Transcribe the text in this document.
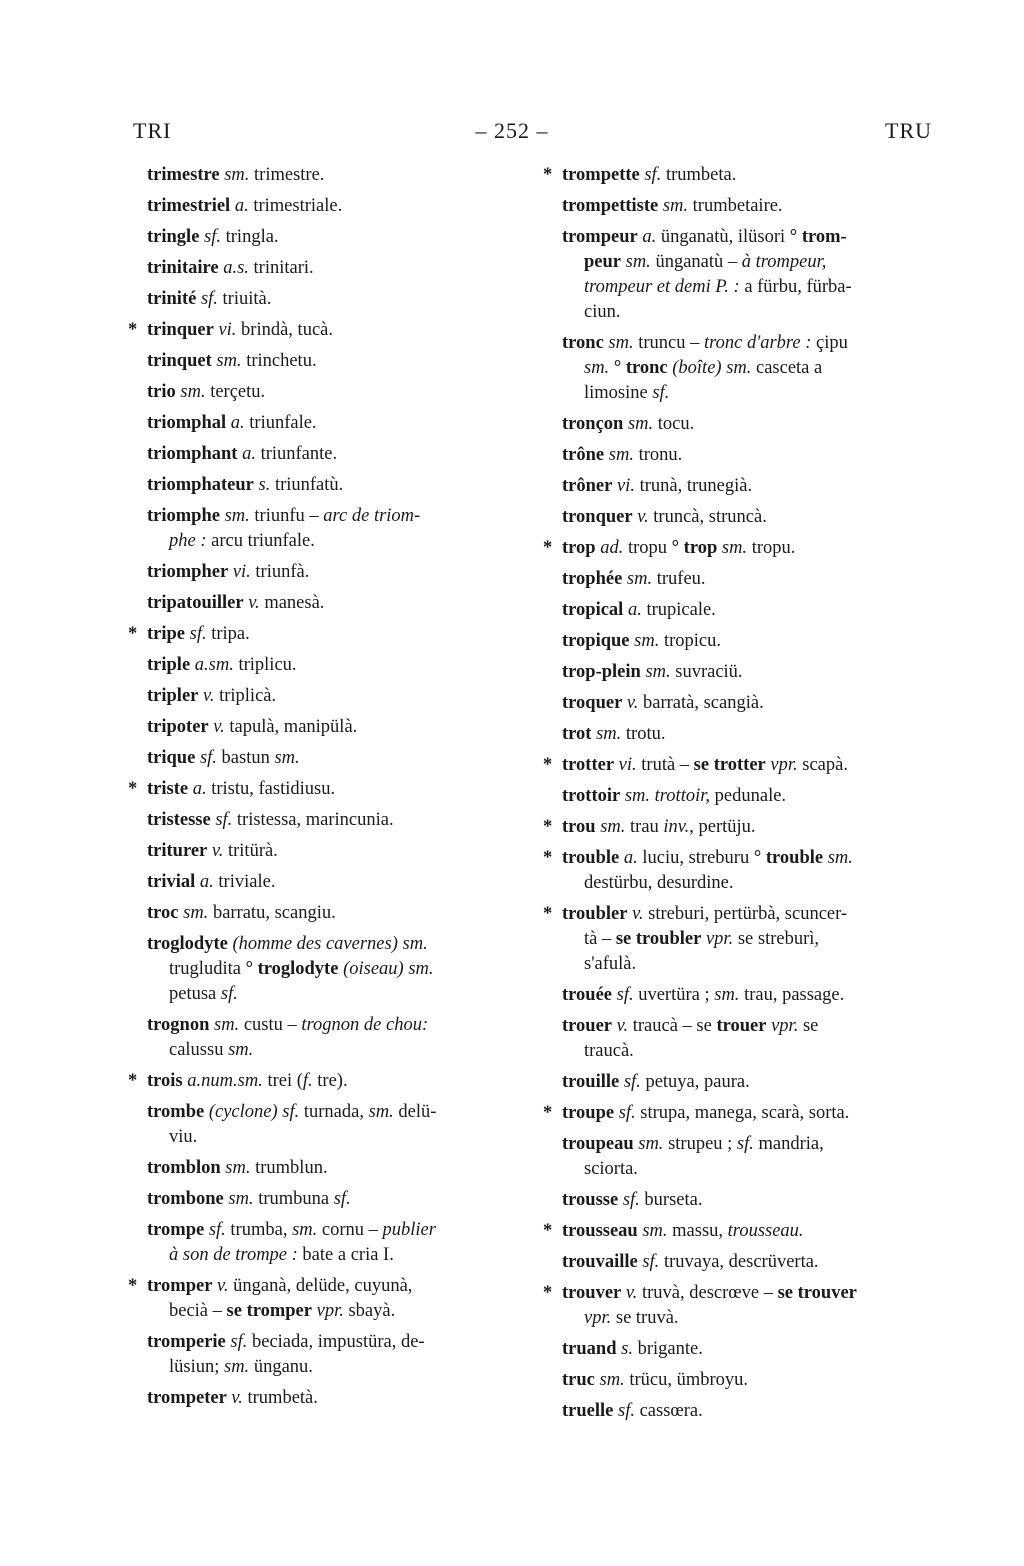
TRI	– 252 –	TRU
trimestre sm. trimestre.
trimestriel a. trimestriale.
tringle sf. tringla.
trinitaire a.s. trinitari.
trinité sf. triuità.
* trinquer vi. brindà, tucà.
trinquet sm. trinchetu.
trio sm. terçetu.
triomphal a. triunfale.
triomphant a. triunfante.
triomphateur s. triunfatù.
triomphe sm. triunfu – arc de triom-
phe : arcu triunfale.
triompher vi. triunfà.
tripatouiller v. manesà.
* tripe sf. tripa.
triple a.sm. triplicu.
tripler v. triplicà.
tripoter v. tapulà, manipülà.
trique sf. bastun sm.
* triste a. tristu, fastidiusu.
tristesse sf. tristessa, marincunia.
triturer v. tritürà.
trivial a. triviale.
troc sm. barratu, scangiu.
troglodyte (homme des cavernes) sm.
trugludita ° troglodyte (oiseau) sm.
petusa sf.
trognon sm. custu – trognon de chou:
calussu sm.
* trois a.num.sm. trei (f. tre).
trombe (cyclone) sf. turnada, sm. delü-
viu.
tromblon sm. trumblun.
trombone sm. trumbuna sf.
trompe sf. trumba, sm. cornu – publier
à son de trompe : bate a cria I.
* tromper v. ünganà, delüde, cuyunà,
becià – se tromper vpr. sbayà.
tromperie sf. beciada, impustüra, de-
lüsiun; sm. ünganu.
trompeter v. trumbetà.
* trompette sf. trumbeta.
trompettiste sm. trumbetaire.
trompeur a. ünganatù, ilüsori ° trom-
peur sm. ünganatù – à trompeur,
trompeur et demi P. : a fürbu, fürba-
ciun.
tronc sm. truncu – tronc d'arbre : çipu
sm. ° tronc (boîte) sm. casceta a
limosine sf.
tronçon sm. tocu.
trône sm. tronu.
trôner vi. trunà, trunegià.
tronquer v. truncà, struncà.
* trop ad. tropu ° trop sm. tropu.
trophée sm. trufeu.
tropical a. trupicale.
tropique sm. tropicu.
trop-plein sm. suvraciü.
troquer v. barratà, scangià.
trot sm. trotu.
* trotter vi. trutà – se trotter vpr. scapà.
trottoir sm. trottoir, pedunale.
* trou sm. trau inv., pertüju.
* trouble a. luciu, streburu ° trouble sm.
destürbu, desurdine.
* troubler v. streburi, pertürbà, scuncer-
tà – se troubler vpr. se streburì,
s'afulà.
trouée sf. uvertüra ; sm. trau, passage.
trouer v. traucà – se trouer vpr. se
traucà.
trouille sf. petuya, paura.
* troupe sf. strupa, manega, scarà, sorta.
troupeau sm. strupeu ; sf. mandria,
sciorta.
trousse sf. burseta.
* trousseau sm. massu, trousseau.
trouvaille sf. truvaya, descrüverta.
* trouver v. truvà, descrœve – se trouver
vpr. se truvà.
truand s. brigante.
truc sm. trücu, ümbroyu.
truelle sf. cassœra.
